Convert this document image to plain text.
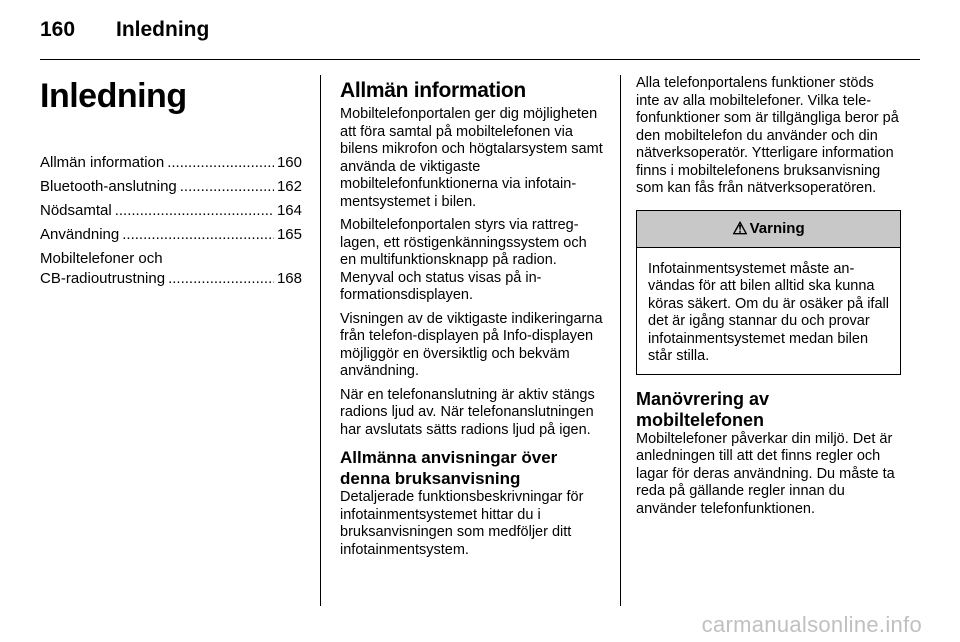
160	Inledning
Inledning
Allmän information .....	160
Bluetooth-anslutning .....	162
Nödsamtal .....	164
Användning .....	165
Mobiltelefoner och
CB-radioutrustning .....	168
Allmän information

Mobiltelefonportalen ger dig möjligheten att föra samtal på mobiltelefonen via bilens mikrofon och högtalarsystem samt använda de viktigaste mobiltelefonfunktionerna via infotainmentsystemet i bilen.

Mobiltelefonportalen styrs via rattreglagen, ett röstigenkänningssystem och en multifunktionsknapp på radion. Menyval och status visas på informationsdisplayen.

Visningen av de viktigaste indikeringarna från telefon-displayen på Info-displayen möjliggör en översiktlig och bekväm användning.

När en telefonanslutning är aktiv stängs radions ljud av. När telefonanslutningen har avslutats sätts radions ljud på igen.

Allmänna anvisningar över denna bruksanvisning

Detaljerade funktionsbeskrivningar för infotainmentsystemet hittar du i bruksanvisningen som medföljer ditt infotainmentsystem.

Alla telefonportalens funktioner stöds inte av alla mobiltelefoner. Vilka telefonfunktioner som är tillgängliga beror på den mobiltelefon du använder och din nätverksoperatör. Ytterligare information finns i mobiltelefonens bruksanvisning som kan fås från nätverksoperatören.

⚠ Varning
Infotainmentsystemet måste användas för att bilen alltid ska kunna köras säkert. Om du är osäker på ifall det är igång stannar du och provar infotainmentsystemet medan bilen står stilla.
Manövrering av mobiltelefonen

Mobiltelefoner påverkar din miljö. Det är anledningen till att det finns regler och lagar för deras användning. Du måste ta reda på gällande regler innan du använder telefonfunktionen.

carmanualsonline.info
